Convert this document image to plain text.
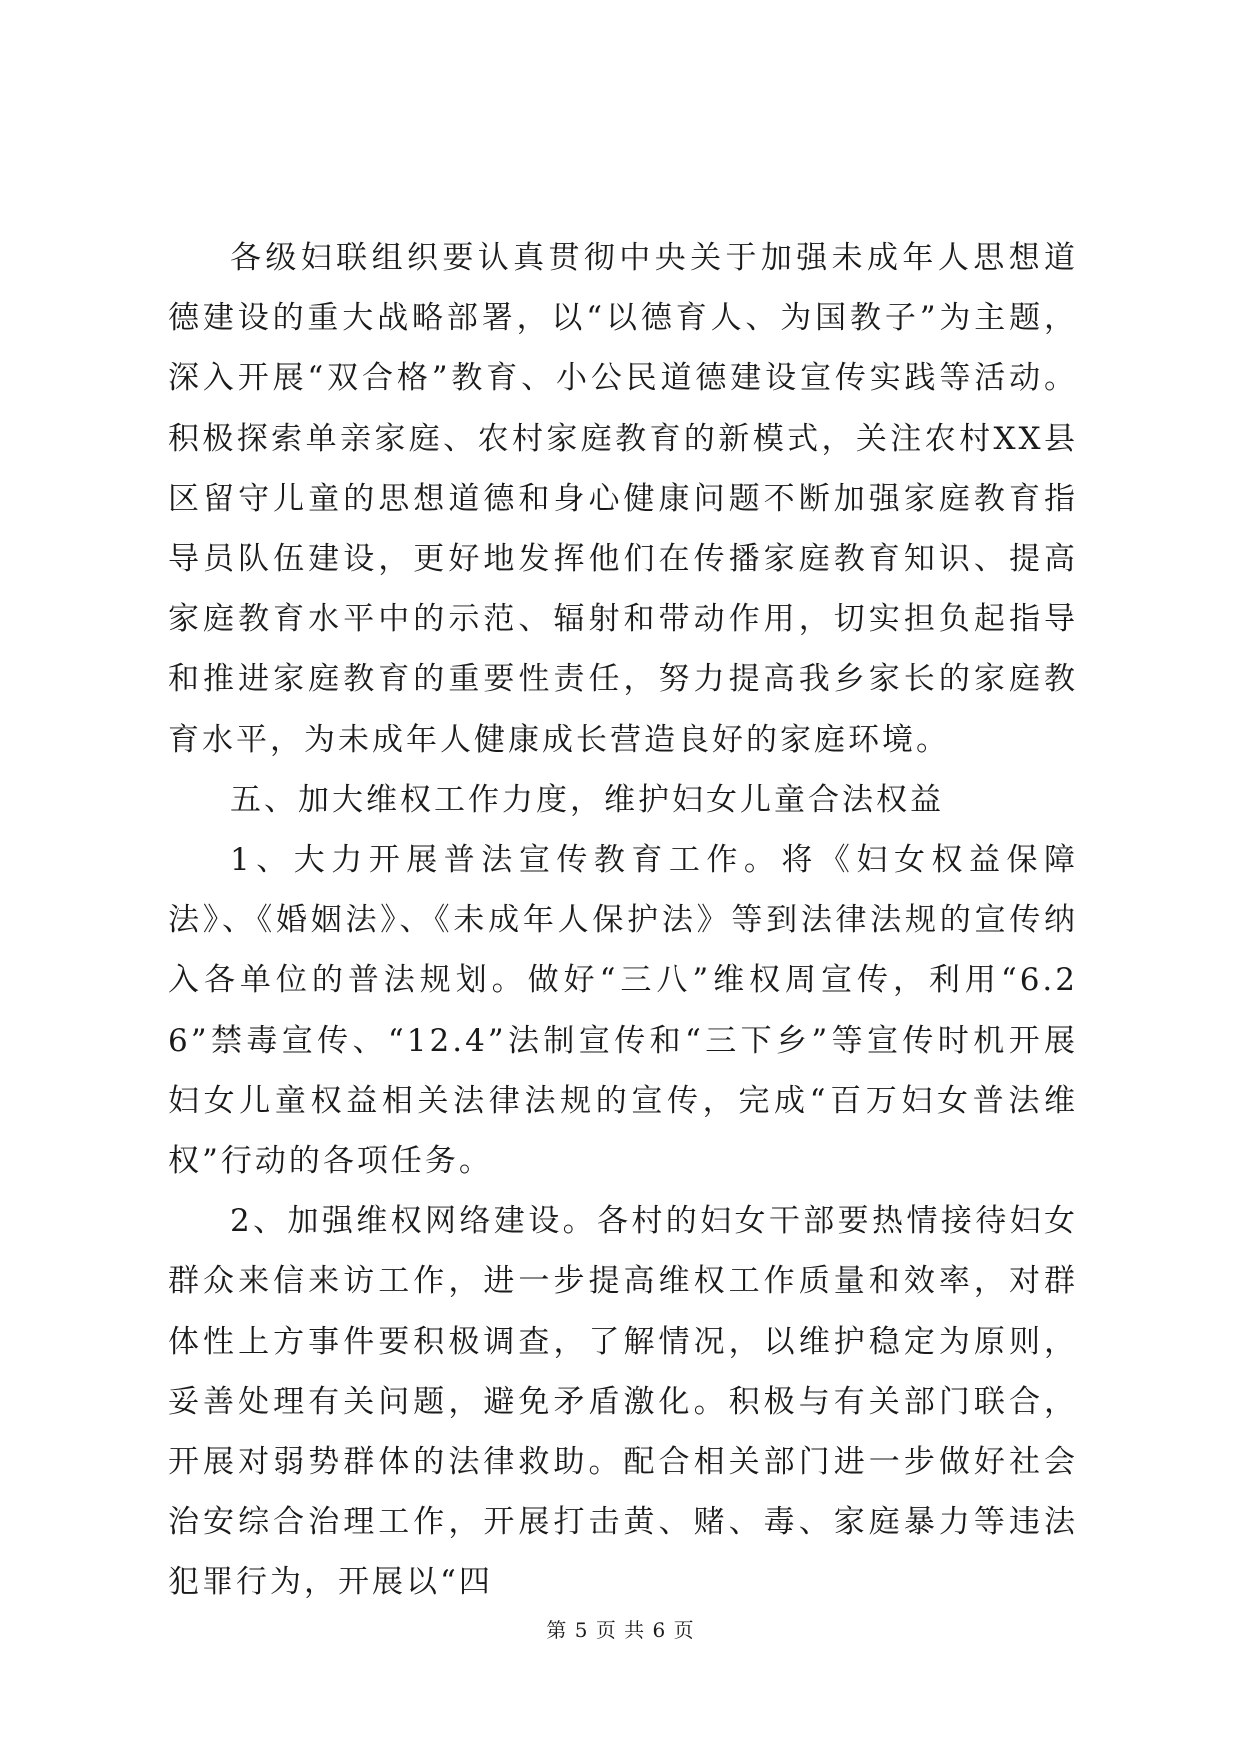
各级妇联组织要认真贯彻中央关于加强未成年人思想道德建设的重大战略部署，以“以德育人、为国教子”为主题，深入开展“双合格”教育、小公民道德建设宣传实践等活动。积极探索单亲家庭、农村家庭教育的新模式，关注农村XX县区留守儿童的思想道德和身心健康问题不断加强家庭教育指导员队伍建设，更好地发挥他们在传播家庭教育知识、提高家庭教育水平中的示范、辐射和带动作用，切实担负起指导和推进家庭教育的重要性责任，努力提高我乡家长的家庭教育水平，为未成年人健康成长营造良好的家庭环境。

五、加大维权工作力度，维护妇女儿童合法权益

1、大力开展普法宣传教育工作。将《妇女权益保障法》、《婚姻法》、《未成年人保护法》等到法律法规的宣传纳入各单位的普法规划。做好“三八”维权周宣传，利用“6.26”禁毒宣传、“12.4”法制宣传和“三下乡”等宣传时机开展妇女儿童权益相关法律法规的宣传，完成“百万妇女普法维权”行动的各项任务。

2、加强维权网络建设。各村的妇女干部要热情接待妇女群众来信来访工作，进一步提高维权工作质量和效率，对群体性上方事件要积极调查，了解情况，以维护稳定为原则，妥善处理有关问题，避免矛盾激化。积极与有关部门联合，开展对弱势群体的法律救助。配合相关部门进一步做好社会治安综合治理工作，开展打击黄、赌、毒、家庭暴力等违法犯罪行为，开展以“四

第 5 页 共 6 页
